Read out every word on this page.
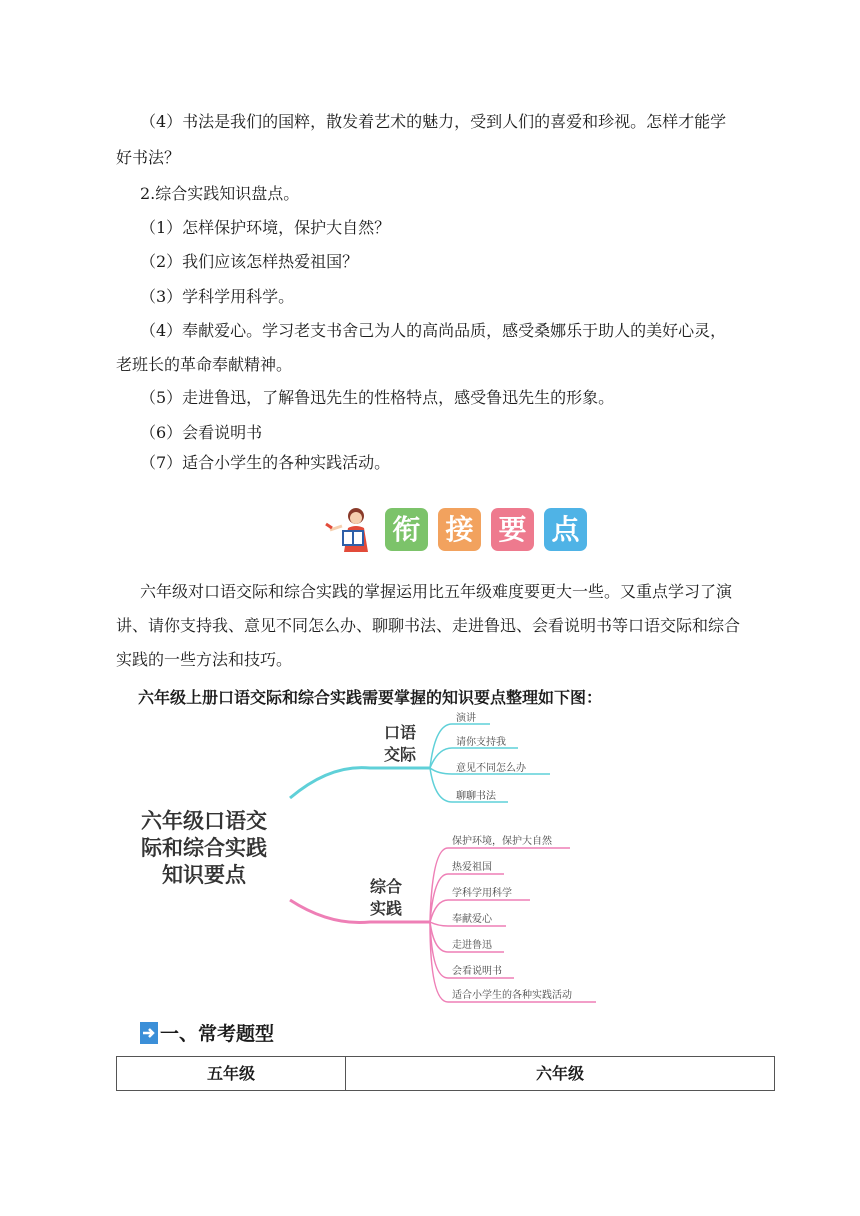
（4）书法是我们的国粹，散发着艺术的魅力，受到人们的喜爱和珍视。怎样才能学
好书法？
2.综合实践知识盘点。
（1）怎样保护环境，保护大自然？
（2）我们应该怎样热爱祖国？
（3）学科学用科学。
（4）奉献爱心。学习老支书舍己为人的高尚品质，感受桑娜乐于助人的美好心灵，
老班长的革命奉献精神。
（5）走进鲁迅，了解鲁迅先生的性格特点，感受鲁迅先生的形象。
（6）会看说明书
（7）适合小学生的各种实践活动。
衔 接 要 点
六年级对口语交际和综合实践的掌握运用比五年级难度要更大一些。又重点学习了演
讲、请你支持我、意见不同怎么办、聊聊书法、走进鲁迅、会看说明书等口语交际和综合
实践的一些方法和技巧。
六年级上册口语交际和综合实践需要掌握的知识要点整理如下图：
六年级口语交
际和综合实践
知识要点
口语
交际
演讲
请你支持我
意见不同怎么办
聊聊书法
综合
实践
保护环境，保护大自然
热爱祖国
学科学用科学
奉献爱心
走进鲁迅
会看说明书
适合小学生的各种实践活动
一、常考题型
五年级	六年级
